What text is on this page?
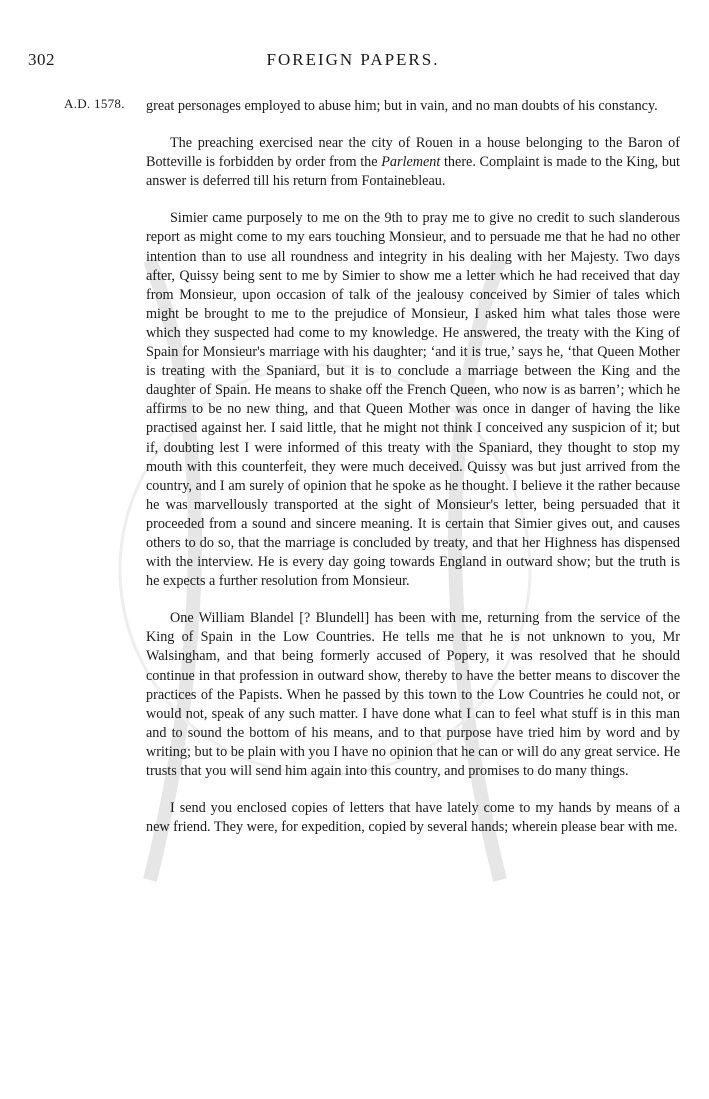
302	FOREIGN PAPERS.
A.D. 1578. great personages employed to abuse him; but in vain, and no man doubts of his constancy.

The preaching exercised near the city of Rouen in a house belonging to the Baron of Botteville is forbidden by order from the Parlement there. Complaint is made to the King, but answer is deferred till his return from Fontainebleau.

Simier came purposely to me on the 9th to pray me to give no credit to such slanderous report as might come to my ears touching Monsieur, and to persuade me that he had no other intention than to use all roundness and integrity in his dealing with her Majesty. Two days after, Quissy being sent to me by Simier to show me a letter which he had received that day from Monsieur, upon occasion of talk of the jealousy conceived by Simier of tales which might be brought to me to the prejudice of Monsieur, I asked him what tales those were which they suspected had come to my knowledge. He answered, the treaty with the King of Spain for Monsieur's marriage with his daughter; ‘and it is true,’ says he, ‘that Queen Mother is treating with the Spaniard, but it is to conclude a marriage between the King and the daughter of Spain. He means to shake off the French Queen, who now is as barren’; which he affirms to be no new thing, and that Queen Mother was once in danger of having the like practised against her. I said little, that he might not think I conceived any suspicion of it; but if, doubting lest I were informed of this treaty with the Spaniard, they thought to stop my mouth with this counterfeit, they were much deceived. Quissy was but just arrived from the country, and I am surely of opinion that he spoke as he thought. I believe it the rather because he was marvellously transported at the sight of Monsieur's letter, being persuaded that it proceeded from a sound and sincere meaning. It is certain that Simier gives out, and causes others to do so, that the marriage is concluded by treaty, and that her Highness has dispensed with the interview. He is every day going towards England in outward show; but the truth is he expects a further resolution from Monsieur.

One William Blandel [? Blundell] has been with me, returning from the service of the King of Spain in the Low Countries. He tells me that he is not unknown to you, Mr Walsingham, and that being formerly accused of Popery, it was resolved that he should continue in that profession in outward show, thereby to have the better means to discover the practices of the Papists. When he passed by this town to the Low Countries he could not, or would not, speak of any such matter. I have done what I can to feel what stuff is in this man and to sound the bottom of his means, and to that purpose have tried him by word and by writing; but to be plain with you I have no opinion that he can or will do any great service. He trusts that you will send him again into this country, and promises to do many things.

I send you enclosed copies of letters that have lately come to my hands by means of a new friend. They were, for expedition, copied by several hands; wherein please bear with me.
